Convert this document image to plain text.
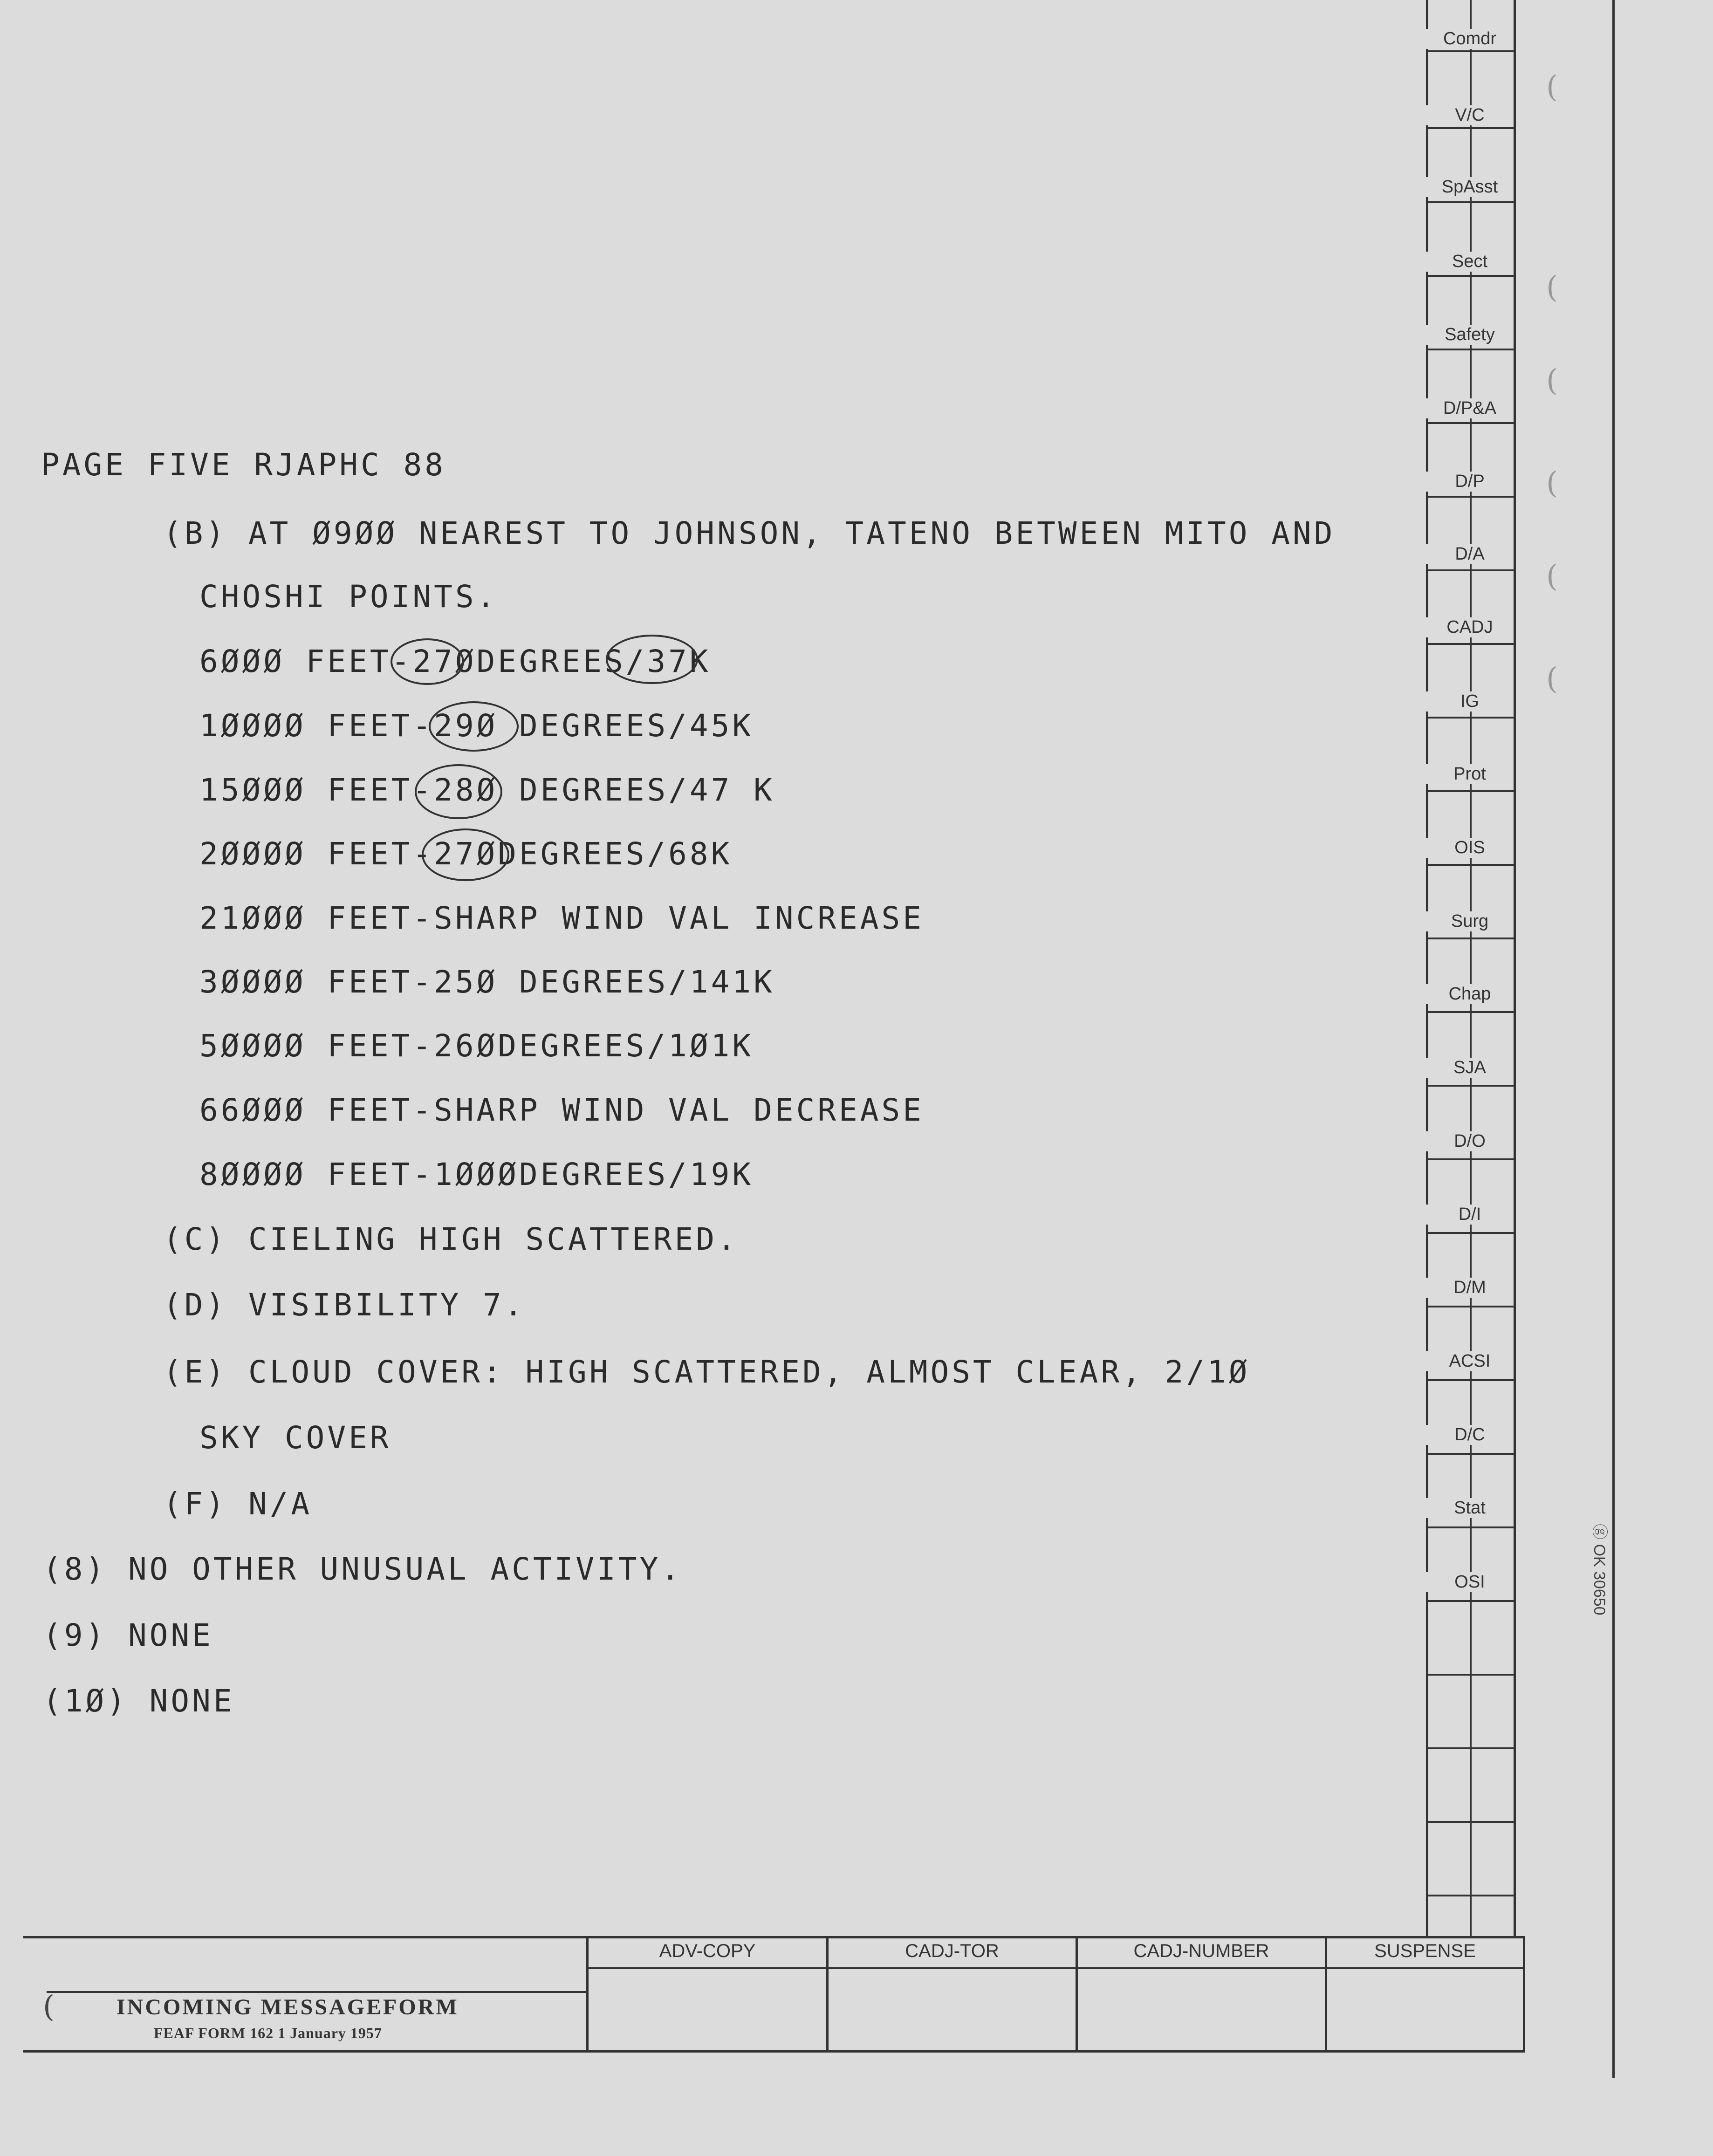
PAGE FIVE RJAPHC 88
(B) AT Ø9ØØ NEAREST TO JOHNSON, TATENO BETWEEN MITO AND
CHOSHI POINTS.
6ØØØ FEET-27ØDEGREES/37K
1ØØØØ FEET-29Ø DEGREES/45K
15ØØØ FEET-28Ø DEGREES/47 K
2ØØØØ FEET-27ØDEGREES/68K
21ØØØ FEET-SHARP WIND VAL INCREASE
3ØØØØ FEET-25Ø DEGREES/141K
5ØØØØ FEET-26ØDEGREES/1Ø1K
66ØØØ FEET-SHARP WIND VAL DECREASE
8ØØØØ FEET-1ØØØDEGREES/19K
(C) CIELING HIGH SCATTERED.
(D) VISIBILITY 7.
(E) CLOUD COVER: HIGH SCATTERED, ALMOST CLEAR, 2/1Ø
SKY COVER
(F) N/A
(8) NO OTHER UNUSUAL ACTIVITY.
(9) NONE
(1Ø) NONE
Comdr
V/C
SpAsst
Sect
Safety
D/P&A
D/P
D/A
CADJ
IG
Prot
OIS
Surg
Chap
SJA
D/O
D/I
D/M
ACSI
D/C
Stat
OSI
ADV-COPY	CADJ-TOR	CADJ-NUMBER	SUSPENSE
INCOMING MESSAGEFORM
FEAF FORM 162 1 January 1957
ⓖ OK 30650
(
(
(
(
(
(
(
